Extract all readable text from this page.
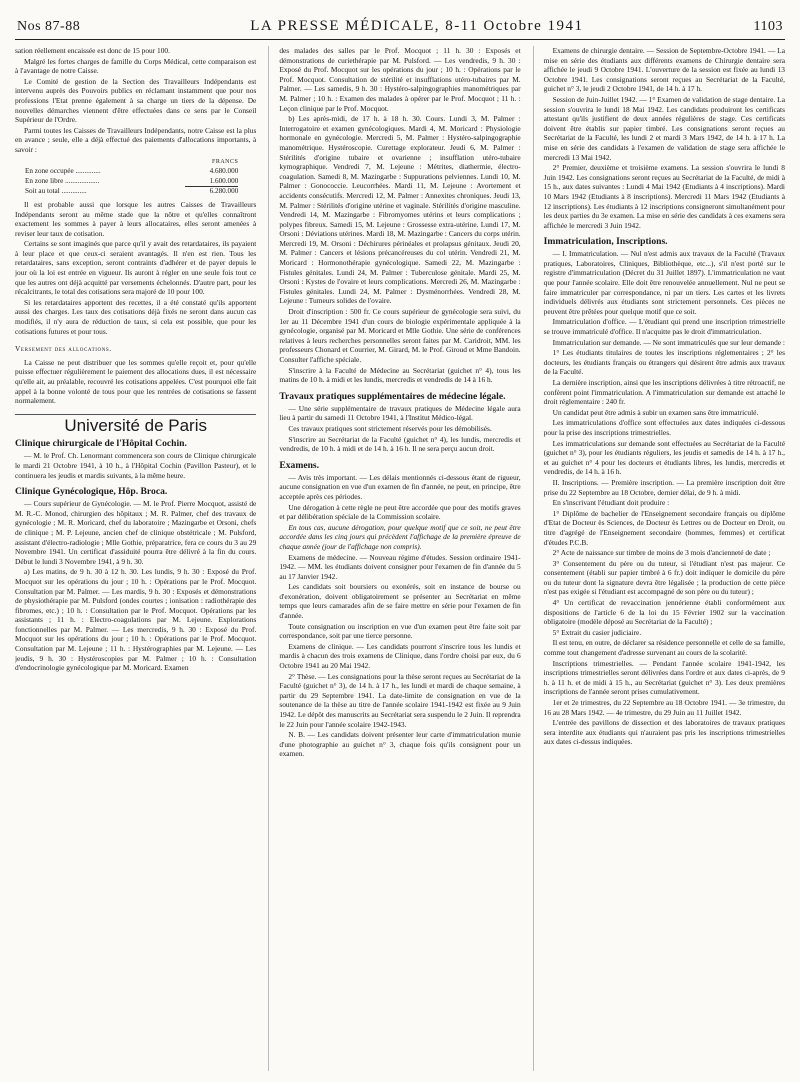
Nos 87-88	LA PRESSE MÉDICALE, 8-11 Octobre 1941	1103

sation réellement encaissée est donc de 15 pour 100.

Malgré les fortes charges de famille du Corps Médical, cette comparaison est à l'avantage de notre Caisse.

Le Comité de gestion de la Section des Travailleurs Indépendants est intervenu auprès des Pouvoirs publics en réclamant instamment que pour nos professions l'Etat prenne également à sa charge un tiers de la dépense. De nouvelles démarches viennent d'être effectuées dans ce sens par le Conseil Supérieur de l'Ordre.

Parmi toutes les Caisses de Travailleurs Indépendants, notre Caisse est la plus en avance ; seule, elle a déjà effectué des paiements d'allocations importants, à savoir :

FRANCS
En zone occupée ..............	4.680.000
En zone libre ...................	1.600.000
Soit au total ..............	6.280.000

Il est probable aussi que lorsque les autres Caisses de Travailleurs Indépendants seront au même stade que la nôtre et qu'elles connaîtront exactement les sommes à payer à leurs allocataires, elles seront amenées à reviser leur taux de cotisation.

Certains se sont imaginés que parce qu'il y avait des retardataires, ils payaient à leur place et que ceux-ci seraient avantagés. Il n'en est rien. Tous les retardataires, sans exception, seront contraints d'adhérer et de payer depuis le jour où la loi est entrée en vigueur. Ils auront à régler en une seule fois tout ce que les autres ont déjà acquitté par versements échelonnés. D'autre part, pour les récalcitrants, le total des cotisations sera majoré de 10 pour 100.

Si les retardataires apportent des recettes, il a été constaté qu'ils apportent aussi des charges. Les taux des cotisations déjà fixés ne seront dans aucun cas modifiés, il n'y aura de réduction de taux, si cela est possible, que pour les cotisations futures et pour tous.

Versement des allocations.

La Caisse ne peut distribuer que les sommes qu'elle reçoit et, pour qu'elle puisse effectuer régulièrement le paiement des allocations dues, il est nécessaire qu'elle ait, au préalable, recouvré les cotisations appelées. C'est pourquoi elle fait appel à la bonne volonté de tous pour que les rentrées de cotisations se fassent normalement.

Université de Paris

Clinique chirurgicale de l'Hôpital Cochin.

— M. le Prof. Ch. Lenormant commencera son cours de Clinique chirurgicale le mardi 21 Octobre 1941, à 10 h., à l'Hôpital Cochin (Pavillon Pasteur), et le continuera les jeudis et mardis suivants, à la même heure.

Clinique Gynécologique, Hôp. Broca.

— Cours supérieur de Gynécologie. — M. le Prof. Pierre Mocquot, assisté de M. R.-C. Monod, chirurgien des hôpitaux ; M. R. Palmer, chef des travaux de gynécologie ; M. R. Moricard, chef du laboratoire ; Mazingarbe et Orsoni, chefs de clinique ; M. P. Lejeune, ancien chef de clinique obstétricale ; M. Pulsford, assistant d'électro-radiologie ; Mlle Gothie, préparatrice, fera ce cours du 3 au 29 Novembre 1941. Un certificat d'assiduité pourra être délivré à la fin du cours. Début le lundi 3 Novembre 1941, à 9 h. 30.

a) Les matins, de 9 h. 30 à 12 h. 30. Les lundis, 9 h. 30 : Exposé du Prof. Mocquot sur les opérations du jour ; 10 h. : Opérations par le Prof. Mocquot. Consultation par M. Palmer. — Les mardis, 9 h. 30 : Exposés et démonstrations de physiothérapie par M. Pulsford (ondes courtes ; ionisation : radiothérapie des fibromes, etc.) ; 10 h. : Consultation par le Prof. Mocquot. Opérations par les assistants ; 11 h. : Electro-coagulations par M. Lejeune. Explorations fonctionnelles par M. Palmer. — Les mercredis, 9 h. 30 : Exposé du Prof. Mocquot sur les opérations du jour ; 10 h. : Opérations par le Prof. Mocquot. Consultation par M. Lejeune ; 11 h. : Hystérographies par M. Lejeune. — Les jeudis, 9 h. 30 : Hystéroscopies par M. Palmer ; 10 h. : Consultation d'endocrinologie gynécologique par M. Moricard. Examen

des malades des salles par le Prof. Mocquot ; 11 h. 30 : Exposés et démonstrations de curiethérapie par M. Pulsford. — Les vendredis, 9 h. 30 : Exposé du Prof. Mocquot sur les opérations du jour ; 10 h. : Opérations par le Prof. Mocquot. Consultation de stérilité et insufflations utéro-tubaires par M. Palmer. — Les samedis, 9 h. 30 : Hystéro-salpingographies manométriques par M. Palmer ; 10 h. : Examen des malades à opérer par le Prof. Mocquot ; 11 h. : Leçon clinique par le Prof. Mocquot.

b) Les après-midi, de 17 h. à 18 h. 30. Cours. Lundi 3, M. Palmer : Interrogatoire et examen gynécologiques. Mardi 4, M. Moricard : Physiologie hormonale en gynécologie. Mercredi 5, M. Palmer : Hystéro-salpingographie manométrique. Hystéroscopie. Curettage explorateur. Jeudi 6, M. Palmer : Stérilités d'origine tubaire et ovarienne ; insufflation utéro-tubaire kymographique. Vendredi 7, M. Lejeune : Métrites, diathermie, électro-coagulation. Samedi 8, M. Mazingarbe : Suppurations pelviennes. Lundi 10, M. Palmer : Gonococcie. Leucorrhées. Mardi 11, M. Lejeune : Avortement et accidents consécutifs. Mercredi 12, M. Palmer : Annexites chroniques. Jeudi 13, M. Palmer : Stérilités d'origine utérine et vaginale. Stérilités d'origine masculine. Vendredi 14, M. Mazingarbe : Fibromyomes utérins et leurs complications ; polypes fibreux. Samedi 15, M. Lejeune : Grossesse extra-utérine. Lundi 17, M. Orsoni : Déviations utérines. Mardi 18, M. Mazingarbe : Cancers du corps utérin. Mercredi 19, M. Orsoni : Déchirures périnéales et prolapsus génitaux. Jeudi 20, M. Palmer : Cancers et lésions précancéreuses du col utérin. Vendredi 21, M. Moricard : Hormonothérapie gynécologique. Samedi 22, M. Mazingarbe : Fistules génitales. Lundi 24, M. Palmer : Tuberculose génitale. Mardi 25, M. Orsoni : Kystes de l'ovaire et leurs complications. Mercredi 26, M. Mazingarbe : Fistules génitales. Lundi 24, M. Palmer : Dysménorrhées. Vendredi 28, M. Lejeune : Tumeurs solides de l'ovaire.

Droit d'inscription : 500 fr. Ce cours supérieur de gynécologie sera suivi, du 1er au 11 Décembre 1941 d'un cours de biologie expérimentale appliquée à la gynécologie, organisé par M. Moricard et Mlle Gothie. Une série de conférences relatives à leurs recherches personnelles seront faites par M. Caridroit, MM. les professeurs Chonard et Courrier, M. Girard, M. le Prof. Giroud et Mme Bandoin. Consulter l'affiche spéciale.

S'inscrire à la Faculté de Médecine au Secrétariat (guichet n° 4), tous les matins de 10 h. à midi et les lundis, mercredis et vendredis de 14 à 16 h.

Travaux pratiques supplémentaires de médecine légale.

— Une série supplémentaire de travaux pratiques de Médecine légale aura lieu à partir du samedi 11 Octobre 1941, à l'Institut Médico-légal.

Ces travaux pratiques sont strictement réservés pour les démobilisés.

S'inscrire au Secrétariat de la Faculté (guichet n° 4), les lundis, mercredis et vendredis, de 10 h. à midi et de 14 h. à 16 h. Il ne sera perçu aucun droit.

Examens.

— Avis très important. — Les délais mentionnés ci-dessous étant de rigueur, aucune consignation en vue d'un examen de fin d'année, ne peut, en principe, être acceptée après ces périodes.

Une dérogation à cette règle ne peut être accordée que pour des motifs graves et par délibération spéciale de la Commission scolaire.

En tous cas, aucune dérogation, pour quelque motif que ce soit, ne peut être accordée dans les cinq jours qui précèdent l'affichage de la première épreuve de chaque année (jour de l'affichage non compris).

Examens de médecine. — Nouveau régime d'études. Session ordinaire 1941-1942. — MM. les étudiants doivent consigner pour l'examen de fin d'année du 5 au 17 Janvier 1942.

Les candidats soit boursiers ou exonérés, soit en instance de bourse ou d'exonération, doivent obligatoirement se présenter au Secrétariat en même temps que leurs camarades afin de se faire mettre en série pour l'examen de fin d'année.

Toute consignation ou inscription en vue d'un examen peut être faite soit par correspondance, soit par une tierce personne.

Examens de clinique. — Les candidats pourront s'inscrire tous les lundis et mardis à chacun des trois examens de Clinique, dans l'ordre choisi par eux, du 6 Octobre 1941 au 20 Mai 1942.

2° Thèse. — Les consignations pour la thèse seront reçues au Secrétariat de la Faculté (guichet n° 3), de 14 h. à 17 h., les lundi et mardi de chaque semaine, à partir du 29 Septembre 1941. La date-limite de consignation en vue de la soutenance de la thèse au titre de l'année scolaire 1941-1942 est fixée au 9 Juin 1942. Le dépôt des manuscrits au Secrétariat sera suspendu le 2 Juin. Il reprendra le 22 Juin pour l'année scolaire 1942-1943.

N. B. — Les candidats doivent présenter leur carte d'immatriculation munie d'une photographie au guichet n° 3, chaque fois qu'ils consignent pour un examen.

Examens de chirurgie dentaire. — Session de Septembre-Octobre 1941. — La mise en série des étudiants aux différents examens de Chirurgie dentaire sera affichée le jeudi 9 Octobre 1941. L'ouverture de la session est fixée au lundi 13 Octobre 1941. Les consignations seront reçues au Secrétariat de la Faculté, guichet n° 3, le jeudi 2 Octobre 1941, de 14 h. à 17 h.

Session de Juin-Juillet 1942. — 1° Examen de validation de stage dentaire. La session s'ouvrira le lundi 18 Mai 1942. Les candidats produiront les certificats attestant qu'ils justifient de deux années régulières de stage. Ces certificats doivent être établis sur papier timbré. Les consignations seront reçues au Secrétariat de la Faculté, les lundi 2 et mardi 3 Mars 1942, de 14 h. à 17 h. La mise en série des candidats à l'examen de validation de stage sera affichée le mercredi 13 Mai 1942.

2° Premier, deuxième et troisième examens. La session s'ouvrira le lundi 8 Juin 1942. Les consignations seront reçues au Secrétariat de la Faculté, de midi à 15 h., aux dates suivantes : Lundi 4 Mai 1942 (Etudiants à 4 inscriptions). Mardi 10 Mars 1942 (Etudiants à 8 inscriptions). Mercredi 11 Mars 1942 (Etudiants à 12 inscriptions). Les étudiants à 12 inscriptions consigneront simultanément pour les deux parties du 3e examen. La mise en série des candidats à ces examens sera affichée le mercredi 3 Juin 1942.

Immatriculation, Inscriptions.

— I. Immatriculation. — Nul n'est admis aux travaux de la Faculté (Travaux pratiques, Laboratoires, Cliniques, Bibliothèque, etc...), s'il n'est porté sur le registre d'immatriculation (Décret du 31 Juillet 1897). L'immatriculation ne vaut que pour l'année scolaire. Elle doit être renouvelée annuellement. Nul ne peut se faire immatriculer par correspondance, ni par un tiers. Les cartes et les livrets individuels délivrés aux étudiants sont strictement personnels. Ces pièces ne peuvent être prêtées pour quelque motif que ce soit.

Immatriculation d'office. — L'étudiant qui prend une inscription trimestrielle se trouve immatriculé d'office. Il n'acquitte pas le droit d'immatriculation.

Immatriculation sur demande. — Ne sont immatriculés que sur leur demande :

1° Les étudiants titulaires de toutes les inscriptions réglementaires ; 2° les docteurs, les étudiants français ou étrangers qui désirent être admis aux travaux de la Faculté.

La dernière inscription, ainsi que les inscriptions délivrées à titre rétroactif, ne confèrent point l'immatriculation. A l'immatriculation sur demande est attaché le droit réglementaire : 240 fr.

Un candidat peut être admis à subir un examen sans être immatriculé.

Les immatriculations d'office sont effectuées aux dates indiquées ci-dessous pour la prise des inscriptions trimestrielles.

Les immatriculations sur demande sont effectuées au Secrétariat de la Faculté (guichet n° 3), pour les étudiants réguliers, les jeudis et samedis de 14 h. à 17 h., et au guichet n° 4 pour les docteurs et étudiants libres, les lundis, mercredis et vendredis, de 14 h. à 16 h.

II. Inscriptions. — Première inscription. — La première inscription doit être prise du 22 Septembre au 18 Octobre, dernier délai, de 9 h. à midi.

En s'inscrivant l'étudiant doit produire :

1° Diplôme de bachelier de l'Enseignement secondaire français ou diplôme d'Etat de Docteur ès Sciences, de Docteur ès Lettres ou de Docteur en Droit, ou titre d'agrégé de l'Enseignement secondaire (hommes, femmes) et certificat d'études P.C.B.

2° Acte de naissance sur timbre de moins de 3 mois d'ancienneté de date ;

3° Consentement du père ou du tuteur, si l'étudiant n'est pas majeur. Ce consentement (établi sur papier timbré à 6 fr.) doit indiquer le domicile du père ou du tuteur dont la signature devra être légalisée ; la production de cette pièce n'est pas exigée si l'étudiant est accompagné de son père ou du tuteur) ;

4° Un certificat de revaccination jennérienne établi conformément aux dispositions de l'article 6 de la loi du 15 Février 1902 sur la vaccination obligatoire (modèle déposé au Secrétariat de la Faculté) ;

5° Extrait du casier judiciaire.

Il est tenu, en outre, de déclarer sa résidence personnelle et celle de sa famille, comme tout changement d'adresse survenant au cours de la scolarité.

Inscriptions trimestrielles. — Pendant l'année scolaire 1941-1942, les inscriptions trimestrielles seront délivrées dans l'ordre et aux dates ci-après, de 9 h. à 11 h. et de midi à 15 h., au Secrétariat (guichet n° 3). Les deux premières inscriptions de l'année seront prises cumulativement.

1er et 2e trimestres, du 22 Septembre au 18 Octobre 1941. — 3e trimestre, du 16 au 28 Mars 1942. — 4e trimestre, du 29 Juin au 11 Juillet 1942.

L'entrée des pavillons de dissection et des laboratoires de travaux pratiques sera interdite aux étudiants qui n'auraient pas pris les inscriptions trimestrielles aux dates ci-dessus indiquées.
